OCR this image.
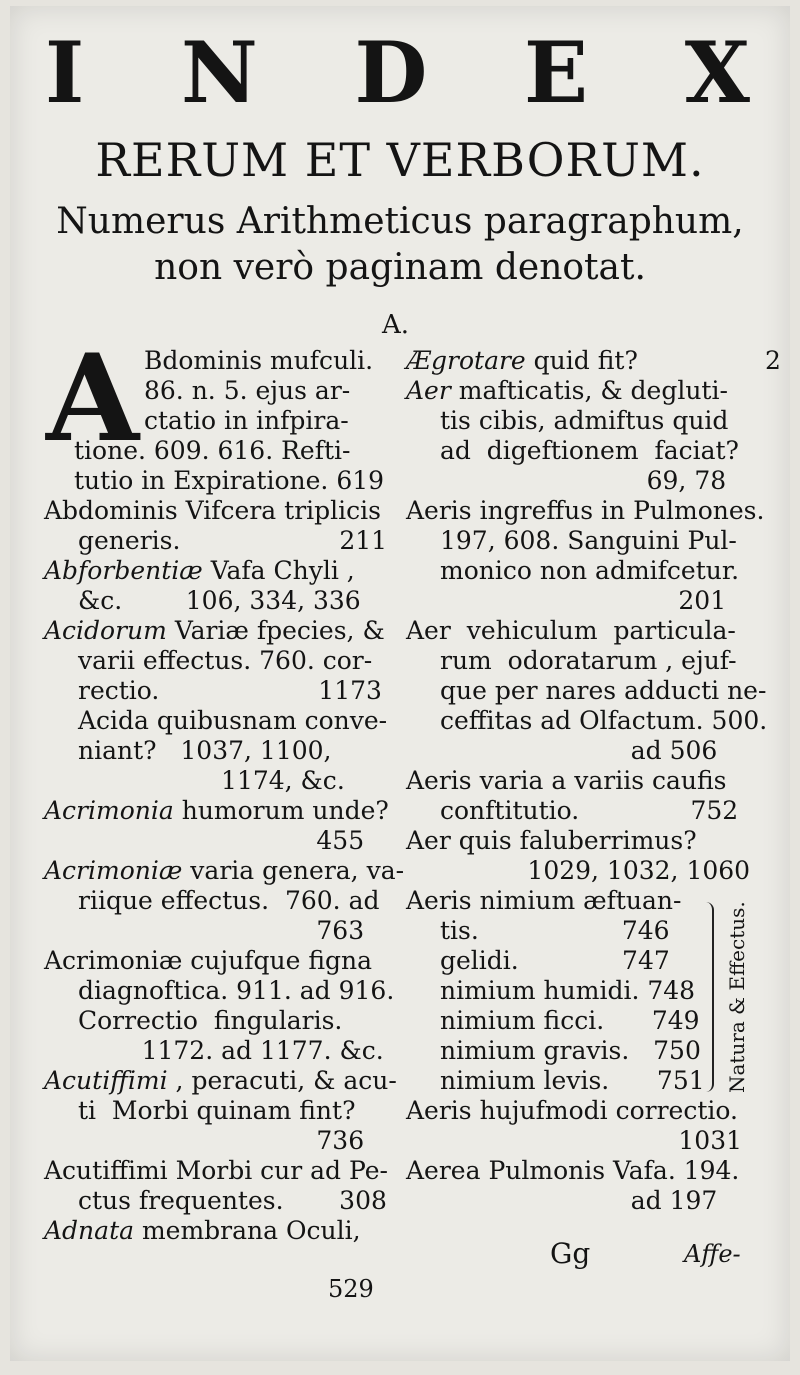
I N D E X
RERUM ET VERBORUM.
Numerus Arithmeticus paragraphum,
non verò paginam denotat.
A.
A Bdominis mufculi.
86. n. 5. ejus ar-
ctatio in infpira-
tione. 609. 616. Refti-
tutio in Expiratione. 619
Abdominis Vifcera triplicis
generis.                    211
Abforbentiæ Vafa Chyli ,
&c.        106, 334, 336
Acidorum Variæ fpecies, &
varii effectus. 760. cor-
rectio.                    1173
Acida quibusnam conve-
niant?   1037, 1100,
1174, &c.
Acrimonia humorum unde?
455
Acrimoniæ varia genera, va-
riique effectus.  760. ad
763
Acrimoniæ cujufque figna
diagnoftica. 911. ad 916.
Correctio  fingularis.
1172. ad 1177. &c.
Acutiffimi , peracuti, & acu-
ti  Morbi quinam fint?
736
Acutiffimi Morbi cur ad Pe-
ctus frequentes.       308
Adnata membrana Oculi,
Ægrotare quid fit?                2
Aer mafticatis, & degluti-
tis cibis, admiftus quid
ad  digeftionem  faciat?
69, 78
Aeris ingreffus in Pulmones.
197, 608. Sanguini Pul-
monico non admifcetur.
201
Aer  vehiculum  particula-
rum  odoratarum , ejuf-
que per nares adducti ne-
ceffitas ad Olfactum. 500.
ad 506
Aeris varia a variis caufis
conftitutio.              752
Aer quis faluberrimus?
1029, 1032, 1060
Aeris nimium æftuan-
tis.                  746
gelidi.             747
nimium humidi. 748
nimium ficci.      749
nimium gravis.   750
nimium levis.      751	Natura & Effectus.
Aeris hujufmodi correctio.
1031
Aerea Pulmonis Vafa. 194.
ad 197
Gg	Affe-
529
